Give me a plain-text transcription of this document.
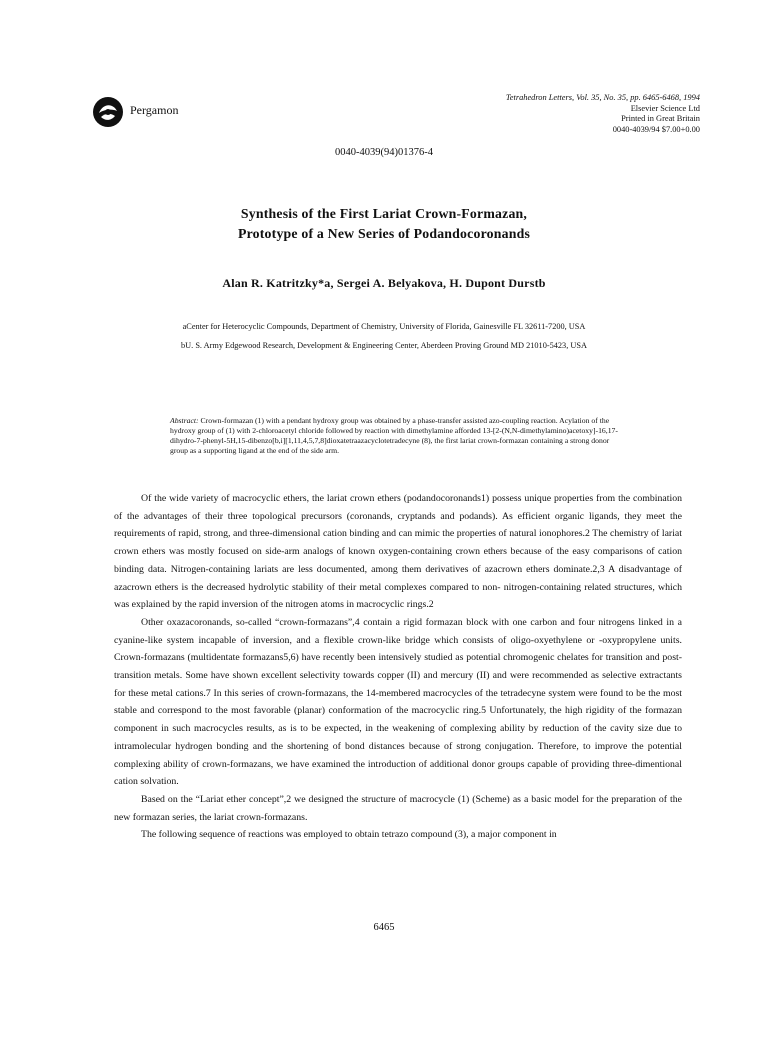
Pergamon
Tetrahedron Letters, Vol. 35, No. 35, pp. 6465-6468, 1994
Elsevier Science Ltd
Printed in Great Britain
0040-4039/94 $7.00+0.00
0040-4039(94)01376-4
Synthesis of the First Lariat Crown-Formazan,
Prototype of a New Series of Podandocoronands
Alan R. Katritzky*a, Sergei A. Belyakova, H. Dupont Durstb
aCenter for Heterocyclic Compounds, Department of Chemistry, University of Florida, Gainesville FL 32611-7200, USA
bU. S. Army Edgewood Research, Development & Engineering Center, Aberdeen Proving Ground MD 21010-5423, USA
Abstract: Crown-formazan (1) with a pendant hydroxy group was obtained by a phase-transfer assisted azo-coupling reaction. Acylation of the hydroxy group of (1) with 2-chloroacetyl chloride followed by reaction with dimethylamine afforded 13-[2-(N,N-dimethylamino)acetoxy]-16,17-dihydro-7-phenyl-5H,15-dibenzo[b,i][1,11,4,5,7,8]dioxatetraazacyclotetradecyne (8), the first lariat crown-formazan containing a strong donor group as a supporting ligand at the end of the side arm.

Of the wide variety of macrocyclic ethers, the lariat crown ethers (podandocoronands1) possess unique properties from the combination of the advantages of their three topological precursors (coronands, cryptands and podands). As efficient organic ligands, they meet the requirements of rapid, strong, and three-dimensional cation binding and can mimic the properties of natural ionophores.2 The chemistry of lariat crown ethers was mostly focused on side-arm analogs of known oxygen-containing crown ethers because of the easy comparisons of cation binding data. Nitrogen-containing lariats are less documented, among them derivatives of azacrown ethers dominate.2,3 A disadvantage of azacrown ethers is the decreased hydrolytic stability of their metal complexes compared to non- nitrogen-containing related structures, which was explained by the rapid inversion of the nitrogen atoms in macrocyclic rings.2

Other oxazacoronands, so-called “crown-formazans”,4 contain a rigid formazan block with one carbon and four nitrogens linked in a cyanine-like system incapable of inversion, and a flexible crown-like bridge which consists of oligo-oxyethylene or -oxypropylene units. Crown-formazans (multidentate formazans5,6) have recently been intensively studied as potential chromogenic chelates for transition and post-transition metals. Some have shown excellent selectivity towards copper (II) and mercury (II) and were recommended as selective extractants for these metal cations.7 In this series of crown-formazans, the 14-membered macrocycles of the tetradecyne system were found to be the most stable and correspond to the most favorable (planar) conformation of the macrocyclic ring.5 Unfortunately, the high rigidity of the formazan component in such macrocycles results, as is to be expected, in the weakening of complexing ability by reduction of the cavity size due to intramolecular hydrogen bonding and the shortening of bond distances because of strong conjugation. Therefore, to improve the potential complexing ability of crown-formazans, we have examined the introduction of additional donor groups capable of providing three-dimentional cation solvation.

Based on the “Lariat ether concept”,2 we designed the structure of macrocycle (1) (Scheme) as a basic model for the preparation of the new formazan series, the lariat crown-formazans.

The following sequence of reactions was employed to obtain tetrazo compound (3), a major component in

6465
